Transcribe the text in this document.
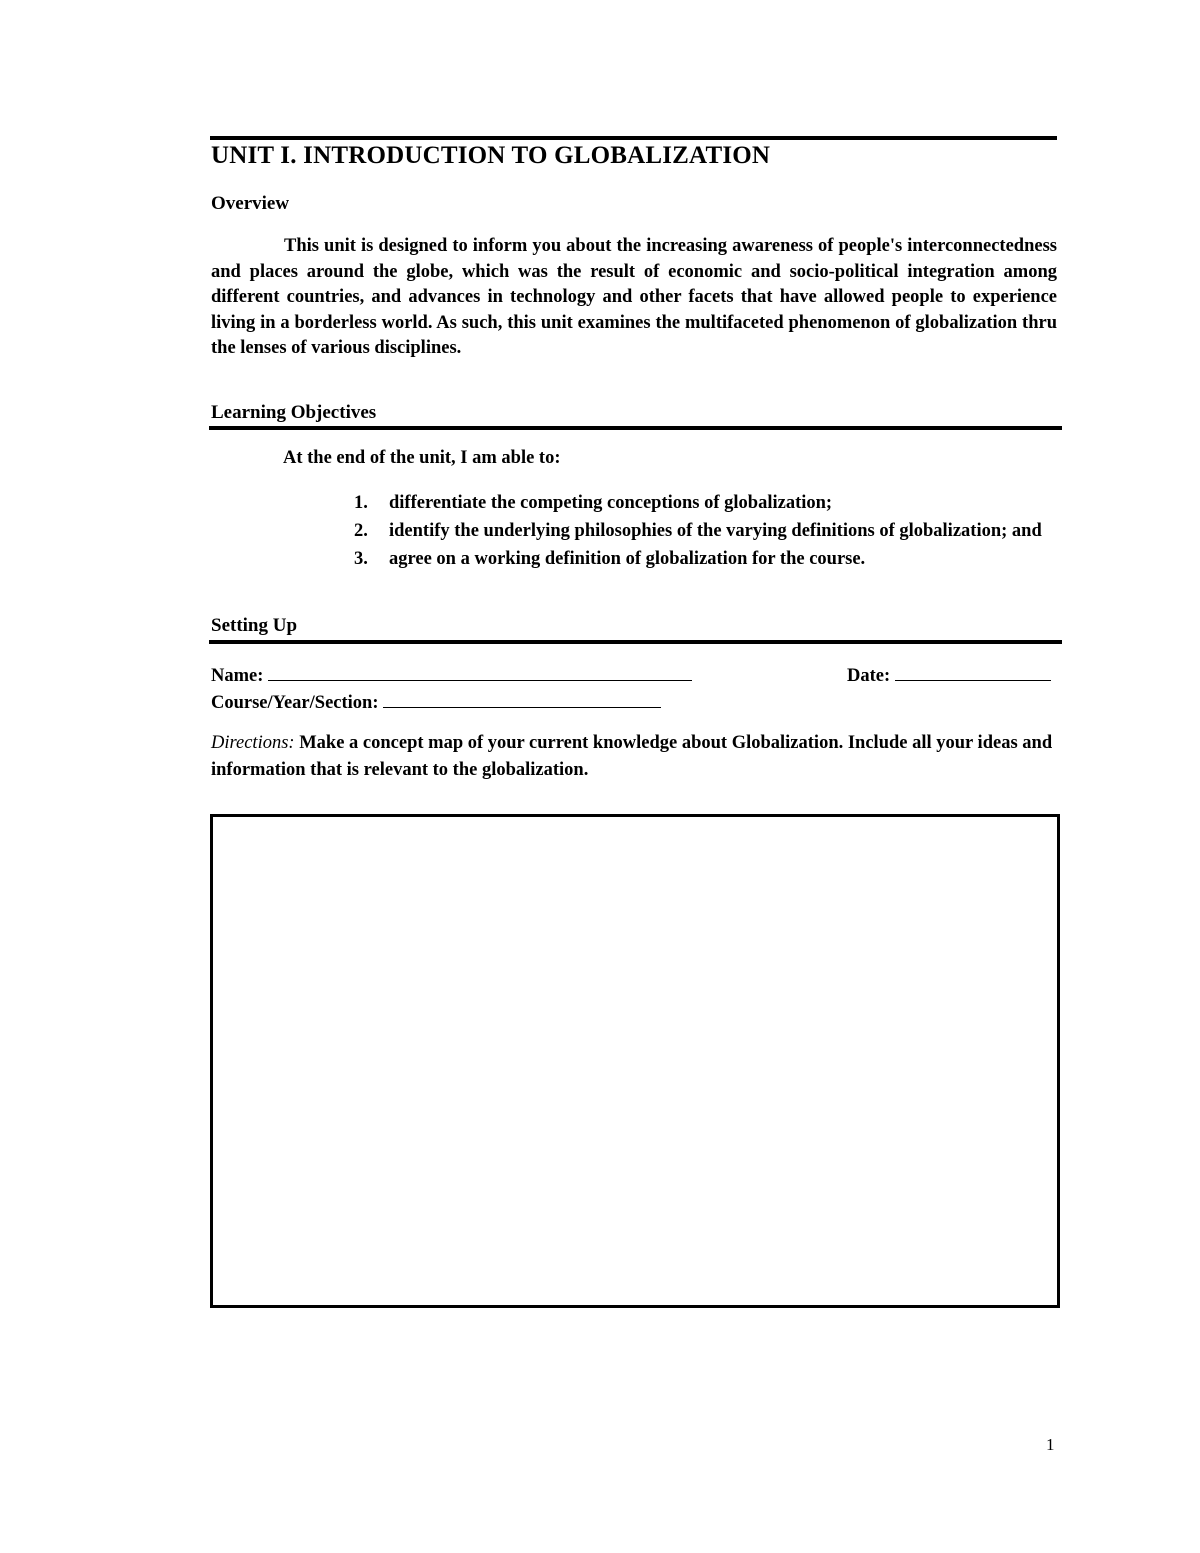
UNIT I. INTRODUCTION TO GLOBALIZATION
Overview

This unit is designed to inform you about the increasing awareness of people's interconnectedness and places around the globe, which was the result of economic and socio-political integration among different countries, and advances in technology and other facets that have allowed people to experience living in a borderless world. As such, this unit examines the multifaceted phenomenon of globalization thru the lenses of various disciplines.

Learning Objectives
At the end of the unit, I am able to:
1. differentiate the competing conceptions of globalization;
2. identify the underlying philosophies of the varying definitions of globalization; and
3. agree on a working definition of globalization for the course.
Setting Up
Name:	Date:
Course/Year/Section:

Directions: Make a concept map of your current knowledge about Globalization. Include all your ideas and information that is relevant to the globalization.

1
